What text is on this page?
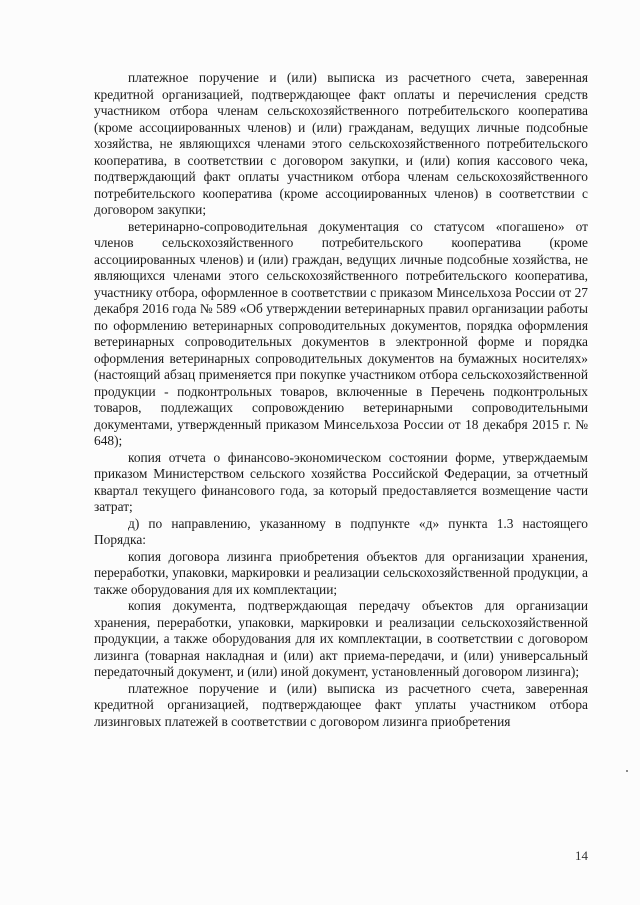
платежное поручение и (или) выписка из расчетного счета, заверенная кредитной организацией, подтверждающее факт оплаты и перечисления средств участником отбора членам сельскохозяйственного потребительского кооператива (кроме ассоциированных членов) и (или) гражданам, ведущих личные подсобные хозяйства, не являющихся членами этого сельскохозяйственного потребительского кооператива, в соответствии с договором закупки, и (или) копия кассового чека, подтверждающий факт оплаты участником отбора членам сельскохозяйственного потребительского кооператива (кроме ассоциированных членов) в соответствии с договором закупки;

ветеринарно-сопроводительная документация со статусом «погашено» от членов сельскохозяйственного потребительского кооператива (кроме ассоциированных членов) и (или) граждан, ведущих личные подсобные хозяйства, не являющихся членами этого сельскохозяйственного потребительского кооператива, участнику отбора, оформленное в соответствии с приказом Минсельхоза России от 27 декабря 2016 года № 589 «Об утверждении ветеринарных правил организации работы по оформлению ветеринарных сопроводительных документов, порядка оформления ветеринарных сопроводительных документов в электронной форме и порядка оформления ветеринарных сопроводительных документов на бумажных носителях» (настоящий абзац применяется при покупке участником отбора сельскохозяйственной продукции - подконтрольных товаров, включенные в Перечень подконтрольных товаров, подлежащих сопровождению ветеринарными сопроводительными документами, утвержденный приказом Минсельхоза России от 18 декабря 2015 г. № 648);

копия отчета о финансово-экономическом состоянии форме, утверждаемым приказом Министерством сельского хозяйства Российской Федерации, за отчетный квартал текущего финансового года, за который предоставляется возмещение части затрат;

д) по направлению, указанному в подпункте «д» пункта 1.3 настоящего Порядка:

копия договора лизинга приобретения объектов для организации хранения, переработки, упаковки, маркировки и реализации сельскохозяйственной продукции, а также оборудования для их комплектации;

копия документа, подтверждающая передачу объектов для организации хранения, переработки, упаковки, маркировки и реализации сельскохозяйственной продукции, а также оборудования для их комплектации, в соответствии с договором лизинга (товарная накладная и (или) акт приема-передачи, и (или) универсальный передаточный документ, и (или) иной документ, установленный договором лизинга);

платежное поручение и (или) выписка из расчетного счета, заверенная кредитной организацией, подтверждающее факт уплаты участником отбора лизинговых платежей в соответствии с договором лизинга приобретения

14
